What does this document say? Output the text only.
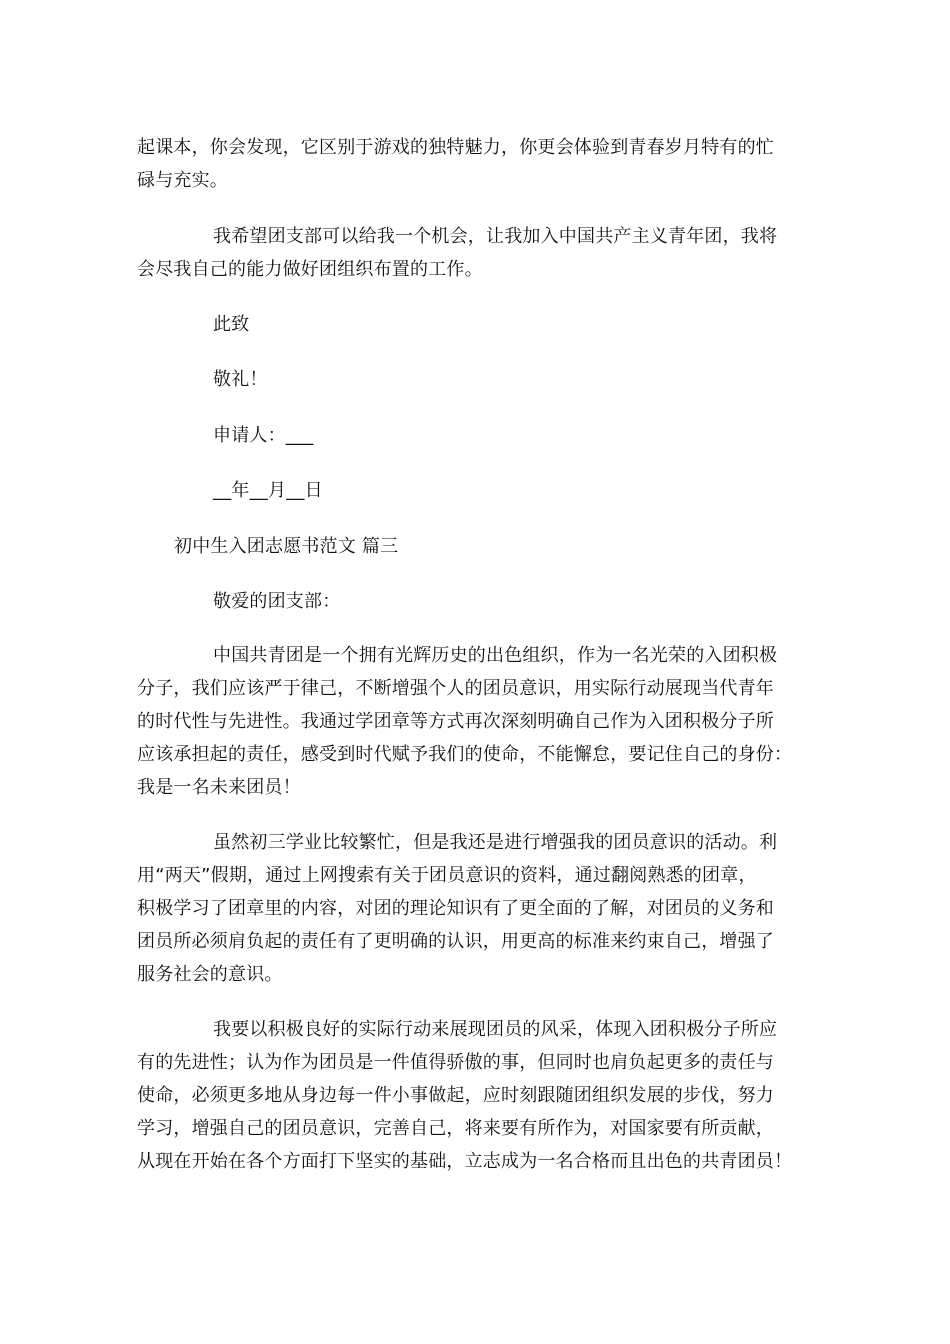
起课本，你会发现，它区别于游戏的独特魅力，你更会体验到青春岁月特有的忙
碌与充实。
我希望团支部可以给我一个机会，让我加入中国共产主义青年团，我将
会尽我自己的能力做好团组织布置的工作。
此致
敬礼！
申请人：___
__年__月__日
初中生入团志愿书范文 篇三
敬爱的团支部：
中国共青团是一个拥有光辉历史的出色组织，作为一名光荣的入团积极
分子，我们应该严于律己，不断增强个人的团员意识，用实际行动展现当代青年
的时代性与先进性。我通过学团章等方式再次深刻明确自己作为入团积极分子所
应该承担起的责任，感受到时代赋予我们的使命，不能懈怠，要记住自己的身份：
我是一名未来团员！
虽然初三学业比较繁忙，但是我还是进行增强我的团员意识的活动。利
用“两天”假期，通过上网搜索有关于团员意识的资料，通过翻阅熟悉的团章，
积极学习了团章里的内容，对团的理论知识有了更全面的了解，对团员的义务和
团员所必须肩负起的责任有了更明确的认识，用更高的标准来约束自己，增强了
服务社会的意识。
我要以积极良好的实际行动来展现团员的风采，体现入团积极分子所应
有的先进性；认为作为团员是一件值得骄傲的事，但同时也肩负起更多的责任与
使命，必须更多地从身边每一件小事做起，应时刻跟随团组织发展的步伐，努力
学习，增强自己的团员意识，完善自己，将来要有所作为，对国家要有所贡献，
从现在开始在各个方面打下坚实的基础，立志成为一名合格而且出色的共青团员！
